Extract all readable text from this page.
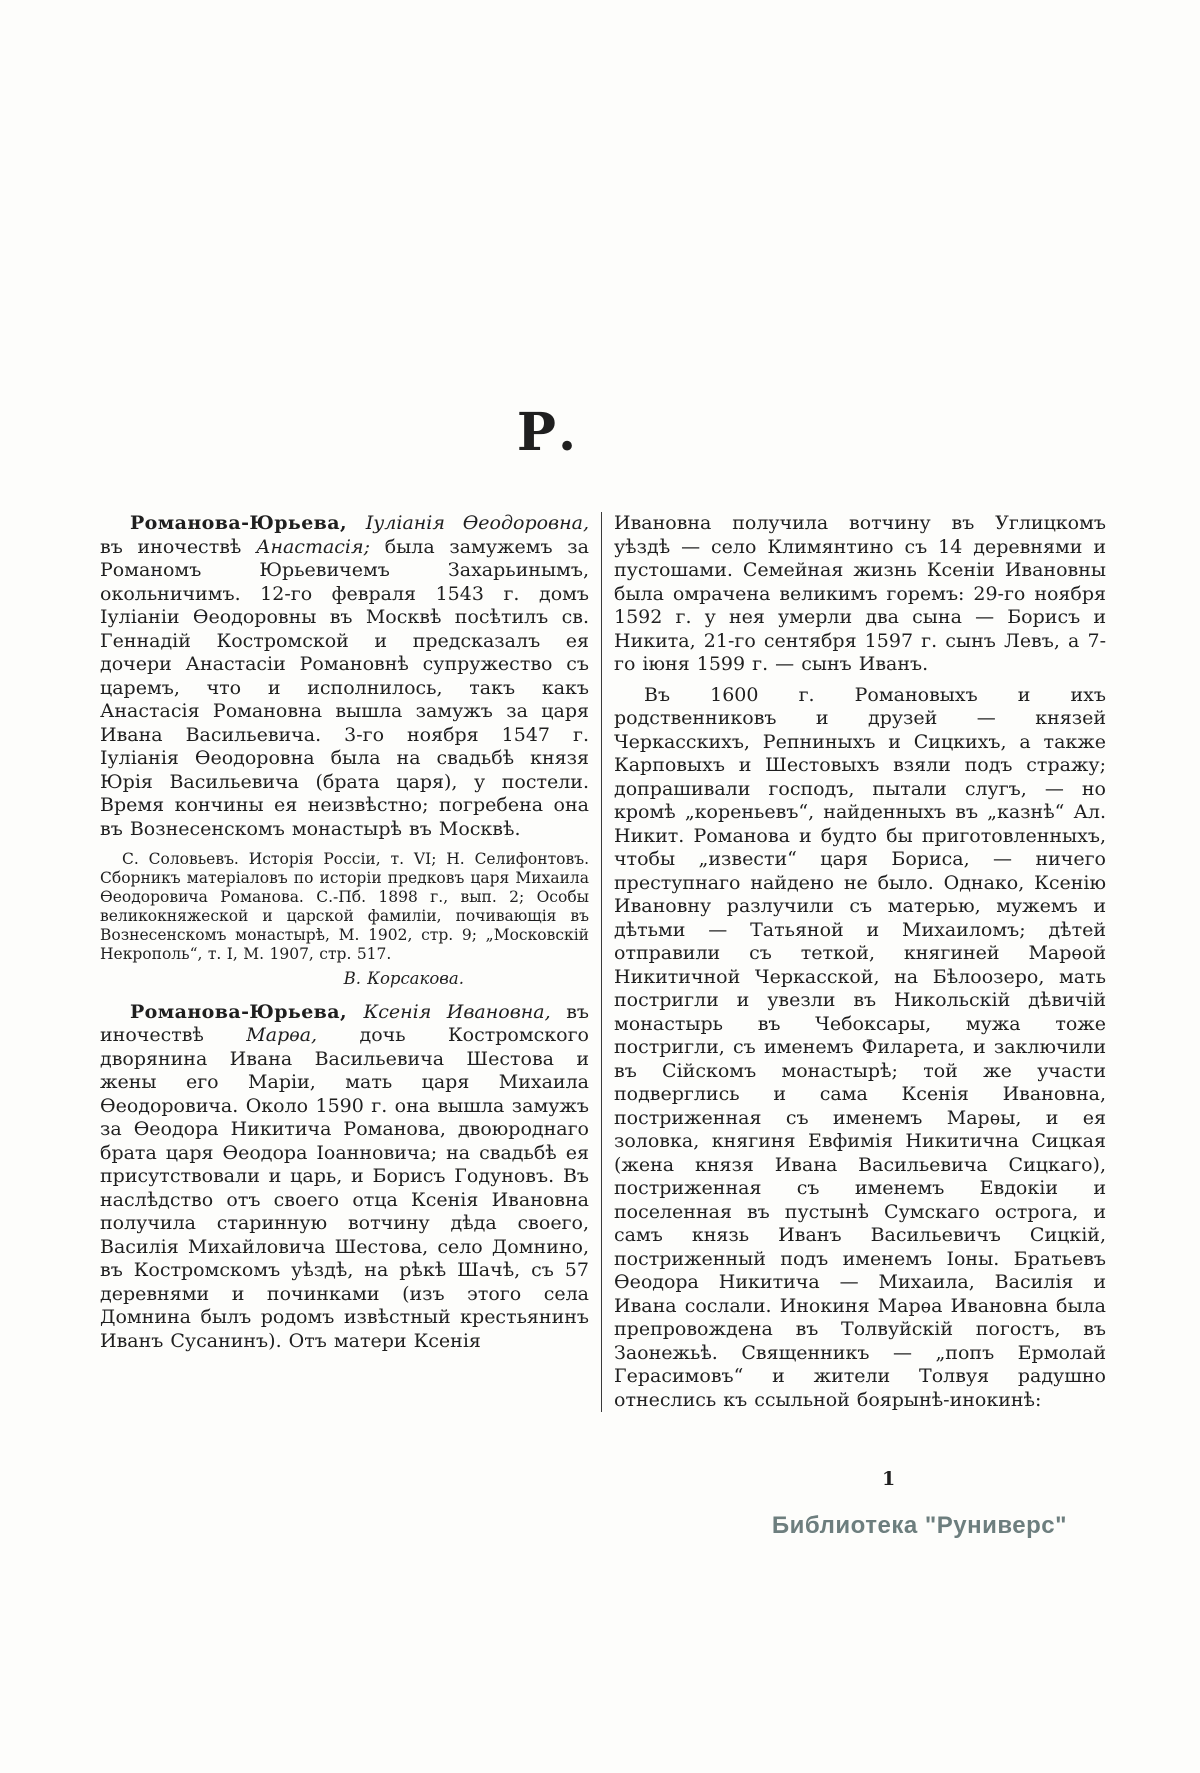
Р.

Романова-Юрьева, Іуліанія Ѳеодоровна, въ иночествѣ Анастасія; была замужемъ за Романомъ Юрьевичемъ Захарьинымъ, окольничимъ. 12-го февраля 1543 г. домъ Іуліаніи Ѳеодоровны въ Москвѣ посѣтилъ св. Геннадій Костромской и предсказалъ ея дочери Анастасіи Романовнѣ супружество съ царемъ, что и исполнилось, такъ какъ Анастасія Романовна вышла замужъ за царя Ивана Васильевича. 3-го ноября 1547 г. Іуліанія Ѳеодоровна была на свадьбѣ князя Юрія Васильевича (брата царя), у постели. Время кончины ея неизвѣстно; погребена она въ Вознесенскомъ монастырѣ въ Москвѣ.

С. Соловьевъ. Исторія Россіи, т. VI; Н. Селифонтовъ. Сборникъ матеріаловъ по исторіи предковъ царя Михаила Ѳеодоровича Романова. С.-Пб. 1898 г., вып. 2; Особы великокняжеской и царской фамиліи, почивающія въ Вознесенскомъ монастырѣ, М. 1902, стр. 9; „Московскій Некрополь“, т. I, М. 1907, стр. 517.

В. Корсакова.

Романова-Юрьева, Ксенія Ивановна, въ иночествѣ Марѳа, дочь Костромского дворянина Ивана Васильевича Шестова и жены его Маріи, мать царя Михаила Ѳеодоровича. Около 1590 г. она вышла замужъ за Ѳеодора Никитича Романова, двоюроднаго брата царя Ѳеодора Іоанновича; на свадьбѣ ея присутствовали и царь, и Борисъ Годуновъ. Въ наслѣдство отъ своего отца Ксенія Ивановна получила старинную вотчину дѣда своего, Василія Михайловича Шестова, село Домнино, въ Костромскомъ уѣздѣ, на рѣкѣ Шачѣ, съ 57 деревнями и починками (изъ этого села Домнина былъ родомъ извѣстный крестьянинъ Иванъ Сусанинъ). Отъ матери Ксенія

Ивановна получила вотчину въ Углицкомъ уѣздѣ — село Климянтино съ 14 деревнями и пустошами. Семейная жизнь Ксеніи Ивановны была омрачена великимъ горемъ: 29-го ноября 1592 г. у нея умерли два сына — Борисъ и Никита, 21-го сентября 1597 г. сынъ Левъ, а 7-го іюня 1599 г. — сынъ Иванъ.

Въ 1600 г. Романовыхъ и ихъ родственниковъ и друзей — князей Черкасскихъ, Репниныхъ и Сицкихъ, а также Карповыхъ и Шестовыхъ взяли подъ стражу; допрашивали господъ, пытали слугъ, — но кромѣ „кореньевъ“, найденныхъ въ „казнѣ“ Ал. Никит. Романова и будто бы приготовленныхъ, чтобы „извести“ царя Бориса, — ничего преступнаго найдено не было. Однако, Ксенію Ивановну разлучили съ матерью, мужемъ и дѣтьми — Татьяной и Михаиломъ; дѣтей отправили съ теткой, княгиней Марѳой Никитичной Черкасской, на Бѣлоозеро, мать постригли и увезли въ Никольскій дѣвичій монастырь въ Чебоксары, мужа тоже постригли, съ именемъ Филарета, и заключили въ Сійскомъ монастырѣ; той же участи подверглись и сама Ксенія Ивановна, постриженная съ именемъ Марѳы, и ея золовка, княгиня Евфимія Никитична Сицкая (жена князя Ивана Васильевича Сицкаго), постриженная съ именемъ Евдокіи и поселенная въ пустынѣ Сумскаго острога, и самъ князь Иванъ Васильевичъ Сицкій, постриженный подъ именемъ Іоны. Братьевъ Ѳеодора Никитича — Михаила, Василія и Ивана сослали. Инокиня Марѳа Ивановна была препровождена въ Толвуйскій погостъ, въ Заонежьѣ. Священникъ — „попъ Ермолай Герасимовъ“ и жители Толвуя радушно отнеслись къ ссыльной боярынѣ-инокинѣ:

1
Библиотека "Руниверс"
